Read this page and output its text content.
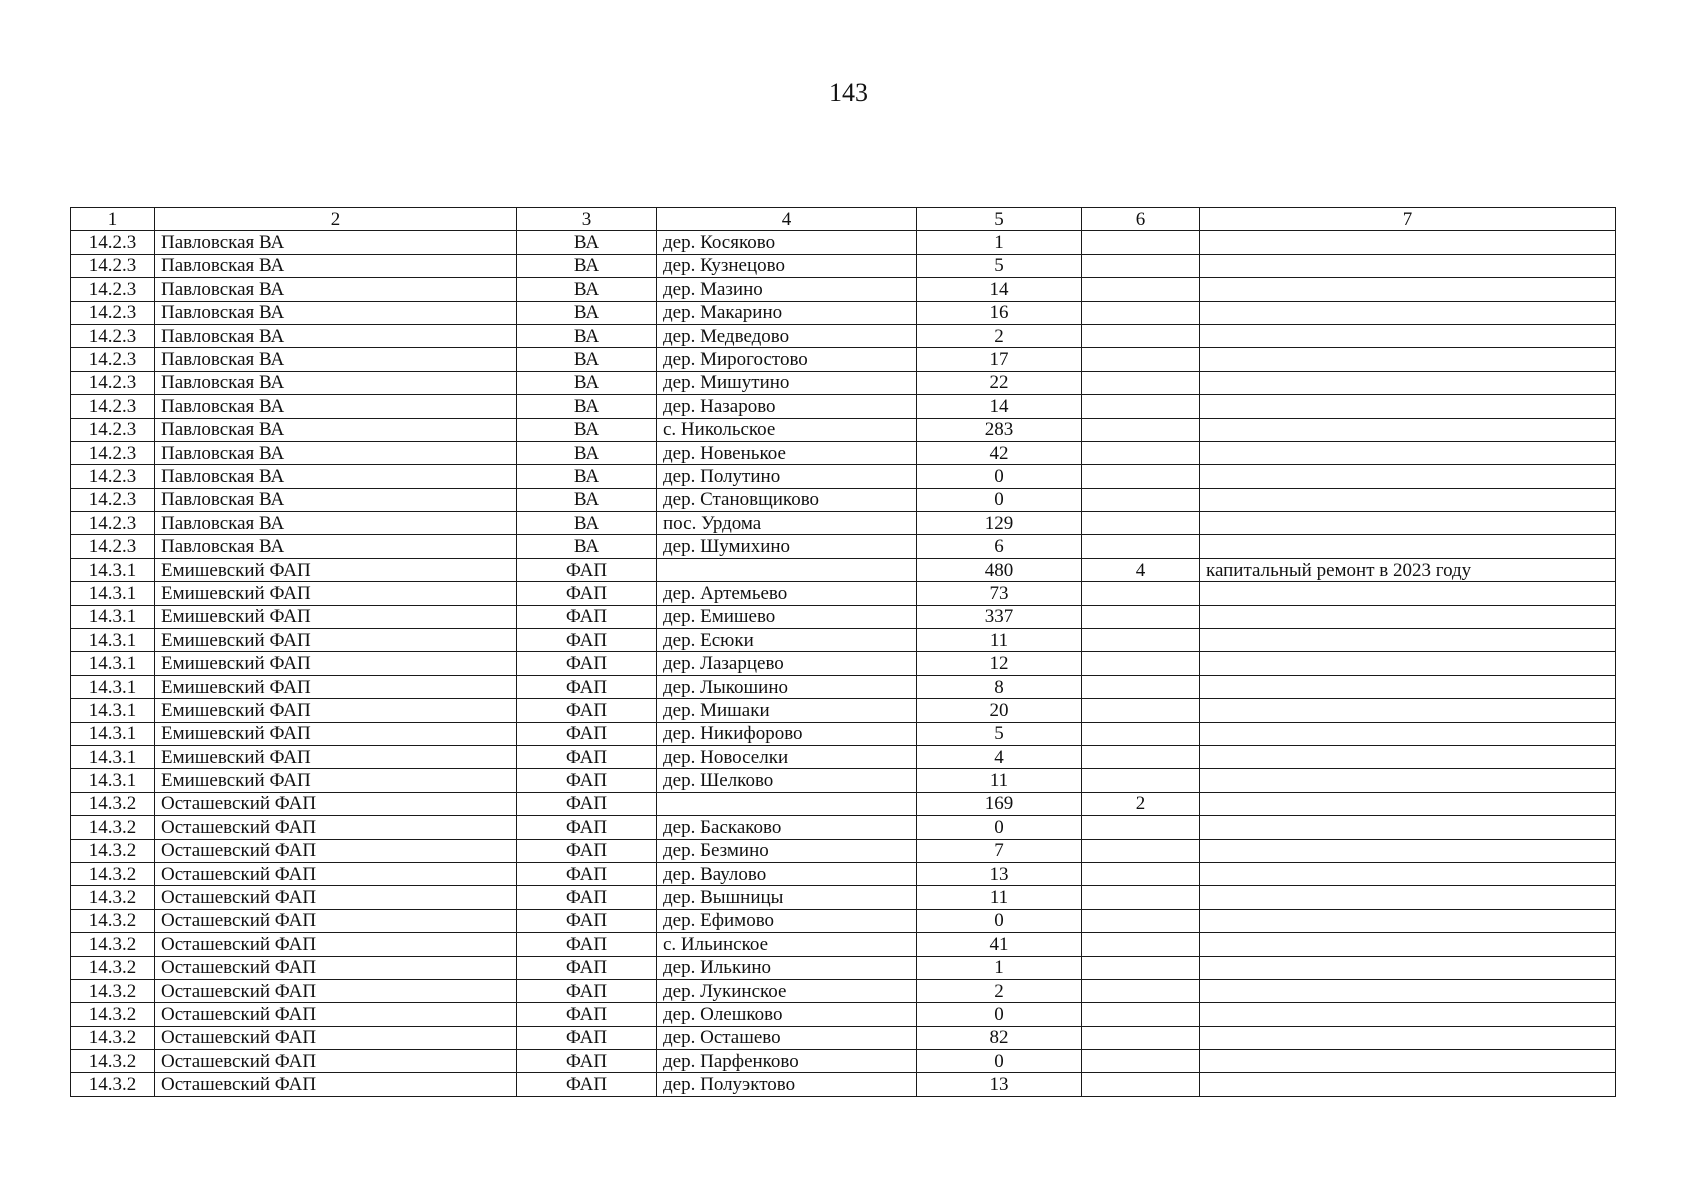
143
1	2	3	4	5	6	7
14.2.3	Павловская ВА	ВА	дер. Косяково	1		
14.2.3	Павловская ВА	ВА	дер. Кузнецово	5		
14.2.3	Павловская ВА	ВА	дер. Мазино	14		
14.2.3	Павловская ВА	ВА	дер. Макарино	16		
14.2.3	Павловская ВА	ВА	дер. Медведово	2		
14.2.3	Павловская ВА	ВА	дер. Мирогостово	17		
14.2.3	Павловская ВА	ВА	дер. Мишутино	22		
14.2.3	Павловская ВА	ВА	дер. Назарово	14		
14.2.3	Павловская ВА	ВА	с. Никольское	283		
14.2.3	Павловская ВА	ВА	дер. Новенькое	42		
14.2.3	Павловская ВА	ВА	дер. Полутино	0		
14.2.3	Павловская ВА	ВА	дер. Становщиково	0		
14.2.3	Павловская ВА	ВА	пос. Урдома	129		
14.2.3	Павловская ВА	ВА	дер. Шумихино	6		
14.3.1	Емишевский ФАП	ФАП		480	4	капитальный ремонт в 2023 году
14.3.1	Емишевский ФАП	ФАП	дер. Артемьево	73		
14.3.1	Емишевский ФАП	ФАП	дер. Емишево	337		
14.3.1	Емишевский ФАП	ФАП	дер. Есюки	11		
14.3.1	Емишевский ФАП	ФАП	дер. Лазарцево	12		
14.3.1	Емишевский ФАП	ФАП	дер. Лыкошино	8		
14.3.1	Емишевский ФАП	ФАП	дер. Мишаки	20		
14.3.1	Емишевский ФАП	ФАП	дер. Никифорово	5		
14.3.1	Емишевский ФАП	ФАП	дер. Новоселки	4		
14.3.1	Емишевский ФАП	ФАП	дер. Шелково	11		
14.3.2	Осташевский ФАП	ФАП		169	2	
14.3.2	Осташевский ФАП	ФАП	дер. Баскаково	0		
14.3.2	Осташевский ФАП	ФАП	дер. Безмино	7		
14.3.2	Осташевский ФАП	ФАП	дер. Ваулово	13		
14.3.2	Осташевский ФАП	ФАП	дер. Вышницы	11		
14.3.2	Осташевский ФАП	ФАП	дер. Ефимово	0		
14.3.2	Осташевский ФАП	ФАП	с. Ильинское	41		
14.3.2	Осташевский ФАП	ФАП	дер. Илькино	1		
14.3.2	Осташевский ФАП	ФАП	дер. Лукинское	2		
14.3.2	Осташевский ФАП	ФАП	дер. Олешково	0		
14.3.2	Осташевский ФАП	ФАП	дер. Осташево	82		
14.3.2	Осташевский ФАП	ФАП	дер. Парфенково	0		
14.3.2	Осташевский ФАП	ФАП	дер. Полуэктово	13		
